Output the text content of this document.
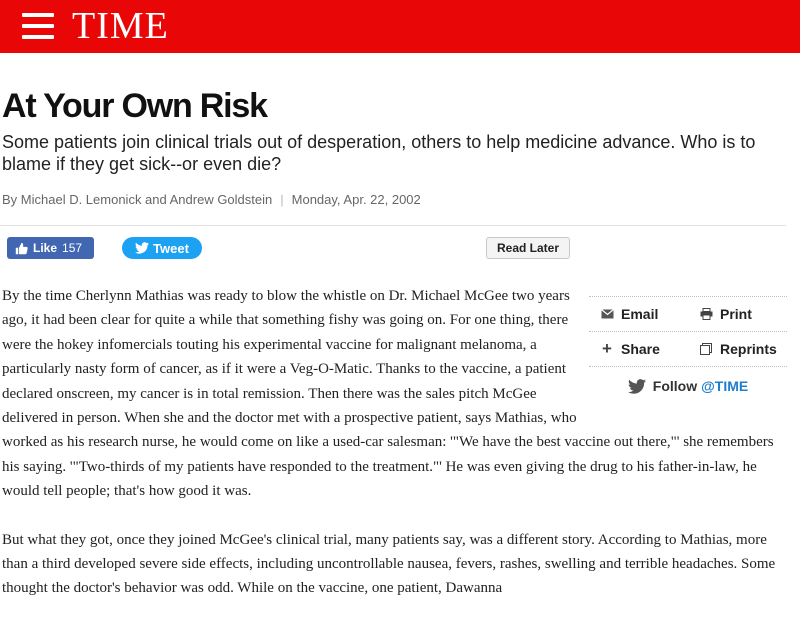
TIME
At Your Own Risk

Some patients join clinical trials out of desperation, others to help medicine advance. Who is to blame if they get sick--or even die?

By Michael D. Lemonick and Andrew Goldstein | Monday, Apr. 22, 2002
Like 157	Tweet	Read Later
Email	Print
+ Share	Reprints
Follow @TIME

By the time Cherlynn Mathias was ready to blow the whistle on Dr. Michael McGee two years ago, it had been clear for quite a while that something fishy was going on. For one thing, there were the hokey infomercials touting his experimental vaccine for malignant melanoma, a particularly nasty form of cancer, as if it were a Veg-O-Matic. Thanks to the vaccine, a patient declared onscreen, my cancer is in total remission. Then there was the sales pitch McGee delivered in person. When she and the doctor met with a prospective patient, says Mathias, who worked as his research nurse, he would come on like a used-car salesman: '"We have the best vaccine out there,"' she remembers his saying. '"Two-thirds of my patients have responded to the treatment."' He was even giving the drug to his father-in-law, he would tell people; that's how good it was.

But what they got, once they joined McGee's clinical trial, many patients say, was a different story. According to Mathias, more than a third developed severe side effects, including uncontrollable nausea, fevers, rashes, swelling and terrible headaches. Some thought the doctor's behavior was odd. While on the vaccine, one patient, Dawanna
